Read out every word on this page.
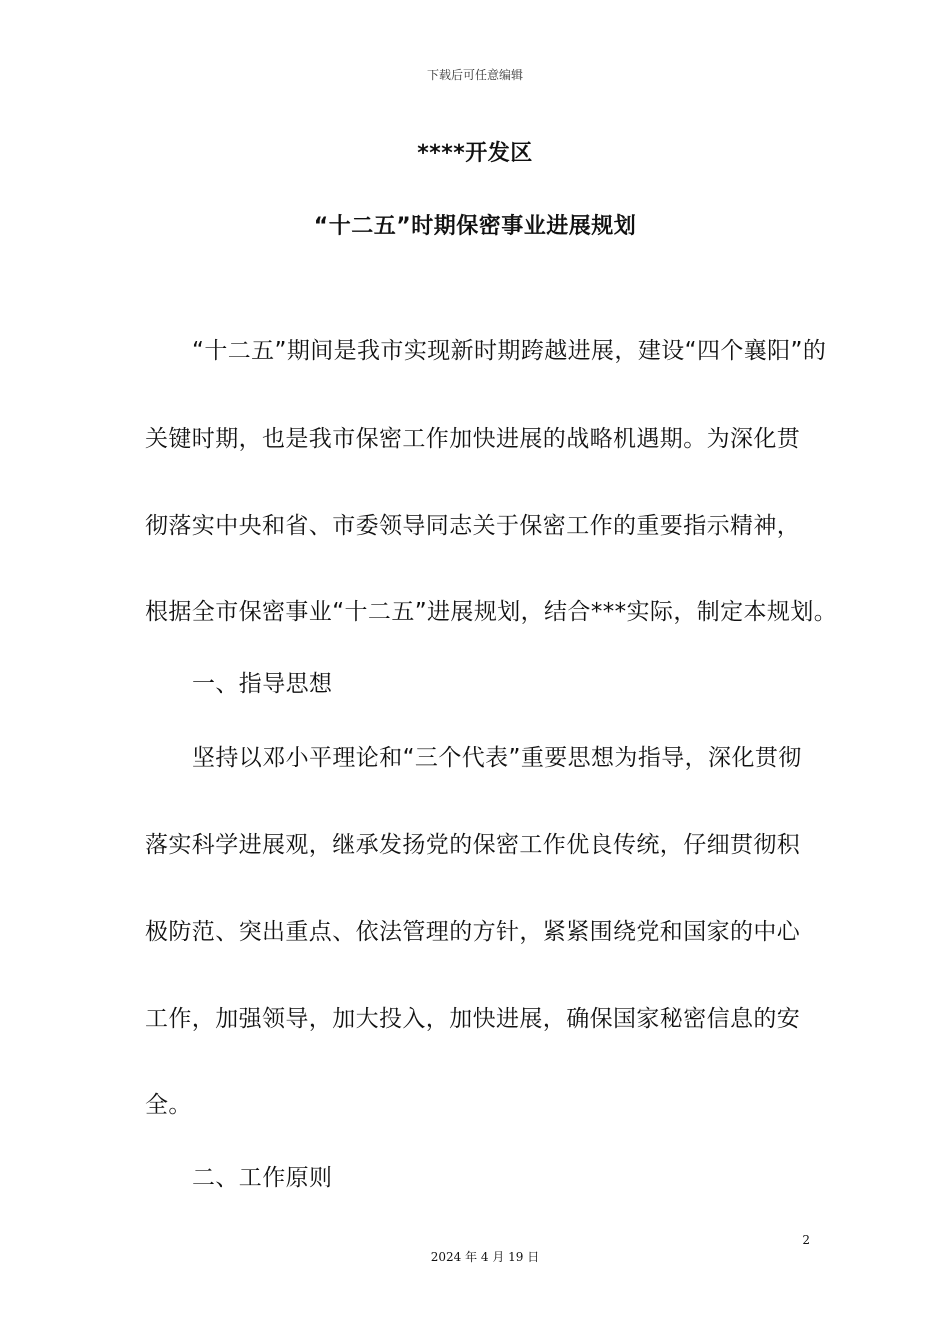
下载后可任意编辑
****开发区
“十二五”时期保密事业进展规划
“十二五”期间是我市实现新时期跨越进展，建设“四个襄阳”的
关键时期，也是我市保密工作加快进展的战略机遇期。为深化贯
彻落实中央和省、市委领导同志关于保密工作的重要指示精神，
根据全市保密事业“十二五”进展规划，结合***实际，制定本规划。
一、指导思想
坚持以邓小平理论和“三个代表”重要思想为指导，深化贯彻
落实科学进展观，继承发扬党的保密工作优良传统，仔细贯彻积
极防范、突出重点、依法管理的方针，紧紧围绕党和国家的中心
工作，加强领导，加大投入，加快进展，确保国家秘密信息的安
全。
二、工作原则
2
2024 年 4 月 19 日
